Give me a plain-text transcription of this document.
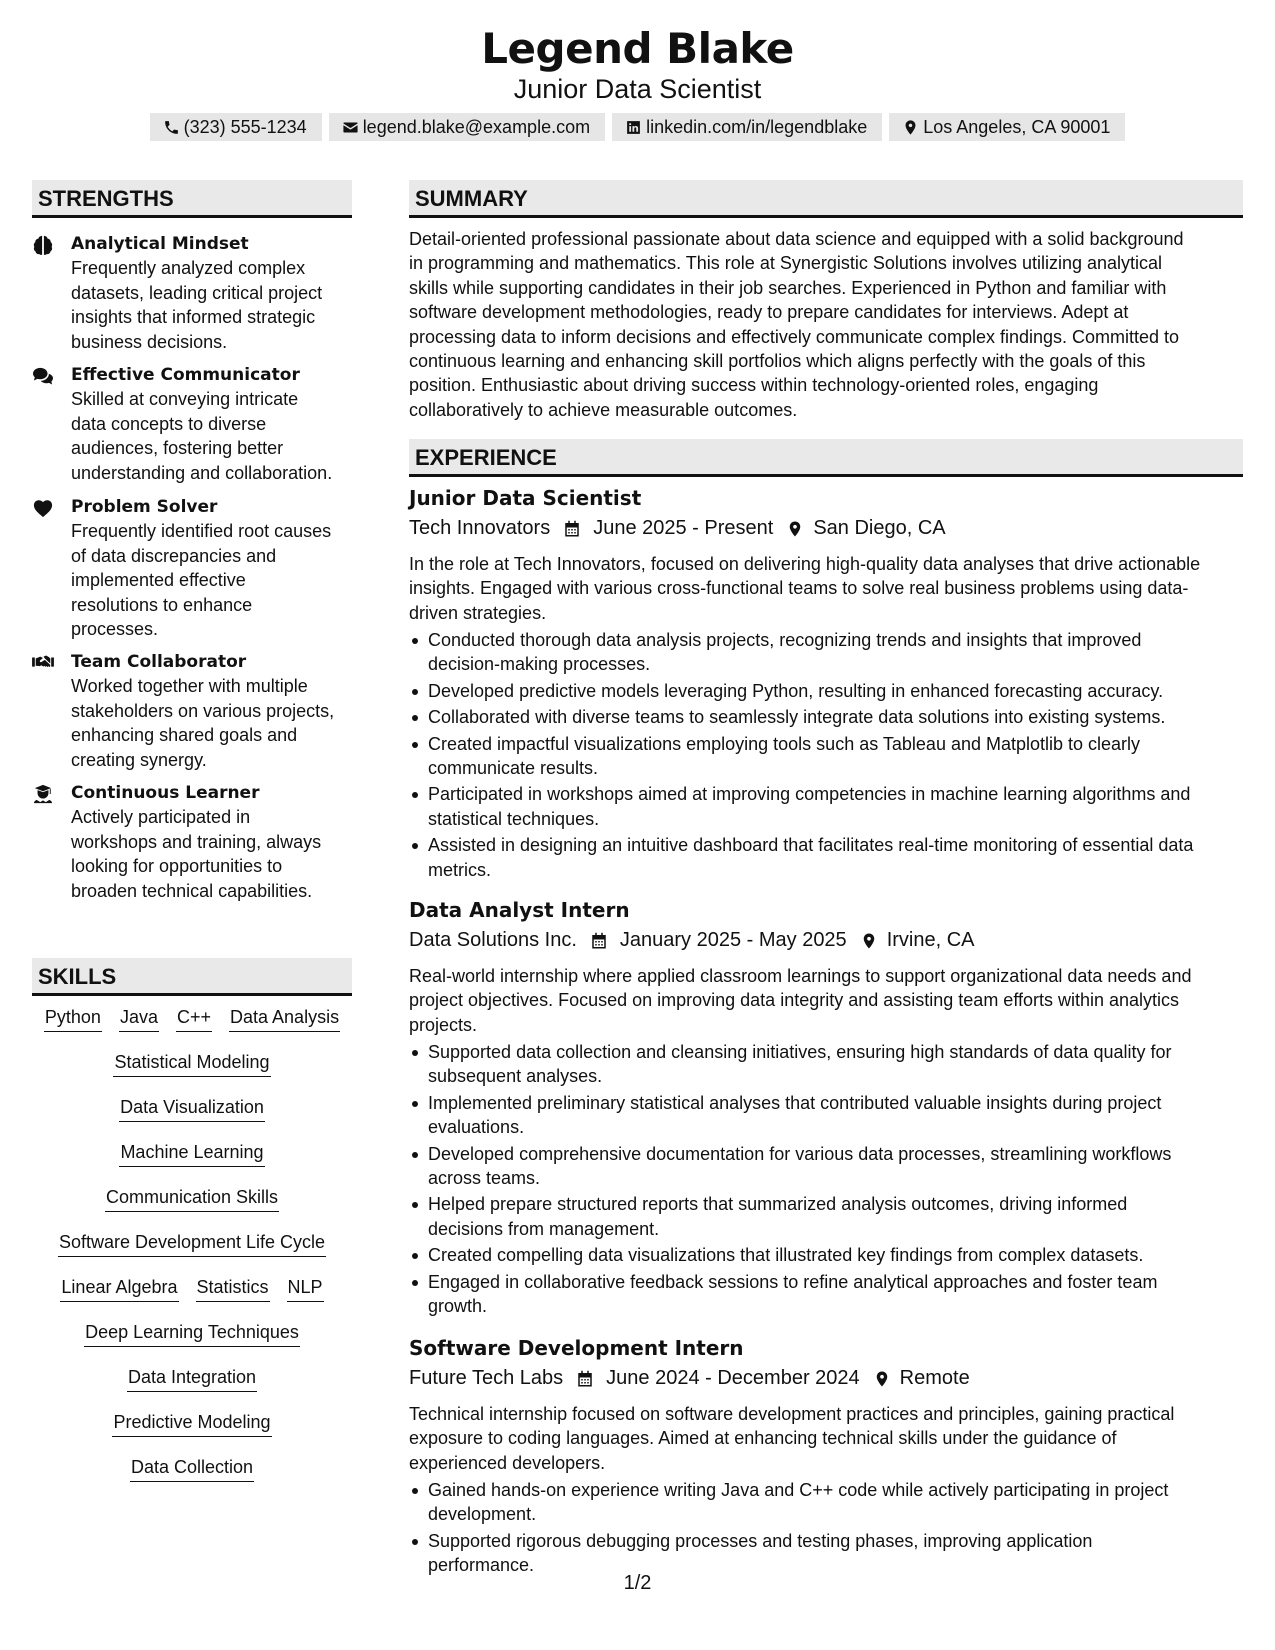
Legend Blake
Junior Data Scientist
(323) 555-1234	legend.blake@example.com	linkedin.com/in/legendblake	Los Angeles, CA 90001
STRENGTHS
Analytical Mindset
Frequently analyzed complex
datasets, leading critical project
insights that informed strategic
business decisions.
Effective Communicator
Skilled at conveying intricate
data concepts to diverse
audiences, fostering better
understanding and collaboration.
Problem Solver
Frequently identified root causes
of data discrepancies and
implemented effective
resolutions to enhance
processes.
Team Collaborator
Worked together with multiple
stakeholders on various projects,
enhancing shared goals and
creating synergy.
Continuous Learner
Actively participated in
workshops and training, always
looking for opportunities to
broaden technical capabilities.
SKILLS
Python Java C++ Data Analysis
Statistical Modeling
Data Visualization
Machine Learning
Communication Skills
Software Development Life Cycle
Linear Algebra Statistics NLP
Deep Learning Techniques
Data Integration
Predictive Modeling
Data Collection
SUMMARY
Detail-oriented professional passionate about data science and equipped with a solid background
in programming and mathematics. This role at Synergistic Solutions involves utilizing analytical
skills while supporting candidates in their job searches. Experienced in Python and familiar with
software development methodologies, ready to prepare candidates for interviews. Adept at
processing data to inform decisions and effectively communicate complex findings. Committed to
continuous learning and enhancing skill portfolios which aligns perfectly with the goals of this
position. Enthusiastic about driving success within technology-oriented roles, engaging
collaboratively to achieve measurable outcomes.
EXPERIENCE
Junior Data Scientist
Tech Innovators June 2025 - Present San Diego, CA
In the role at Tech Innovators, focused on delivering high-quality data analyses that drive actionable
insights. Engaged with various cross-functional teams to solve real business problems using data-
driven strategies.
Conducted thorough data analysis projects, recognizing trends and insights that improved
decision-making processes.
Developed predictive models leveraging Python, resulting in enhanced forecasting accuracy.
Collaborated with diverse teams to seamlessly integrate data solutions into existing systems.
Created impactful visualizations employing tools such as Tableau and Matplotlib to clearly
communicate results.
Participated in workshops aimed at improving competencies in machine learning algorithms and
statistical techniques.
Assisted in designing an intuitive dashboard that facilitates real-time monitoring of essential data
metrics.
Data Analyst Intern
Data Solutions Inc. January 2025 - May 2025 Irvine, CA
Real-world internship where applied classroom learnings to support organizational data needs and
project objectives. Focused on improving data integrity and assisting team efforts within analytics
projects.
Supported data collection and cleansing initiatives, ensuring high standards of data quality for
subsequent analyses.
Implemented preliminary statistical analyses that contributed valuable insights during project
evaluations.
Developed comprehensive documentation for various data processes, streamlining workflows
across teams.
Helped prepare structured reports that summarized analysis outcomes, driving informed
decisions from management.
Created compelling data visualizations that illustrated key findings from complex datasets.
Engaged in collaborative feedback sessions to refine analytical approaches and foster team
growth.
Software Development Intern
Future Tech Labs June 2024 - December 2024 Remote
Technical internship focused on software development practices and principles, gaining practical
exposure to coding languages. Aimed at enhancing technical skills under the guidance of
experienced developers.
Gained hands-on experience writing Java and C++ code while actively participating in project
development.
Supported rigorous debugging processes and testing phases, improving application
performance.
1/2
